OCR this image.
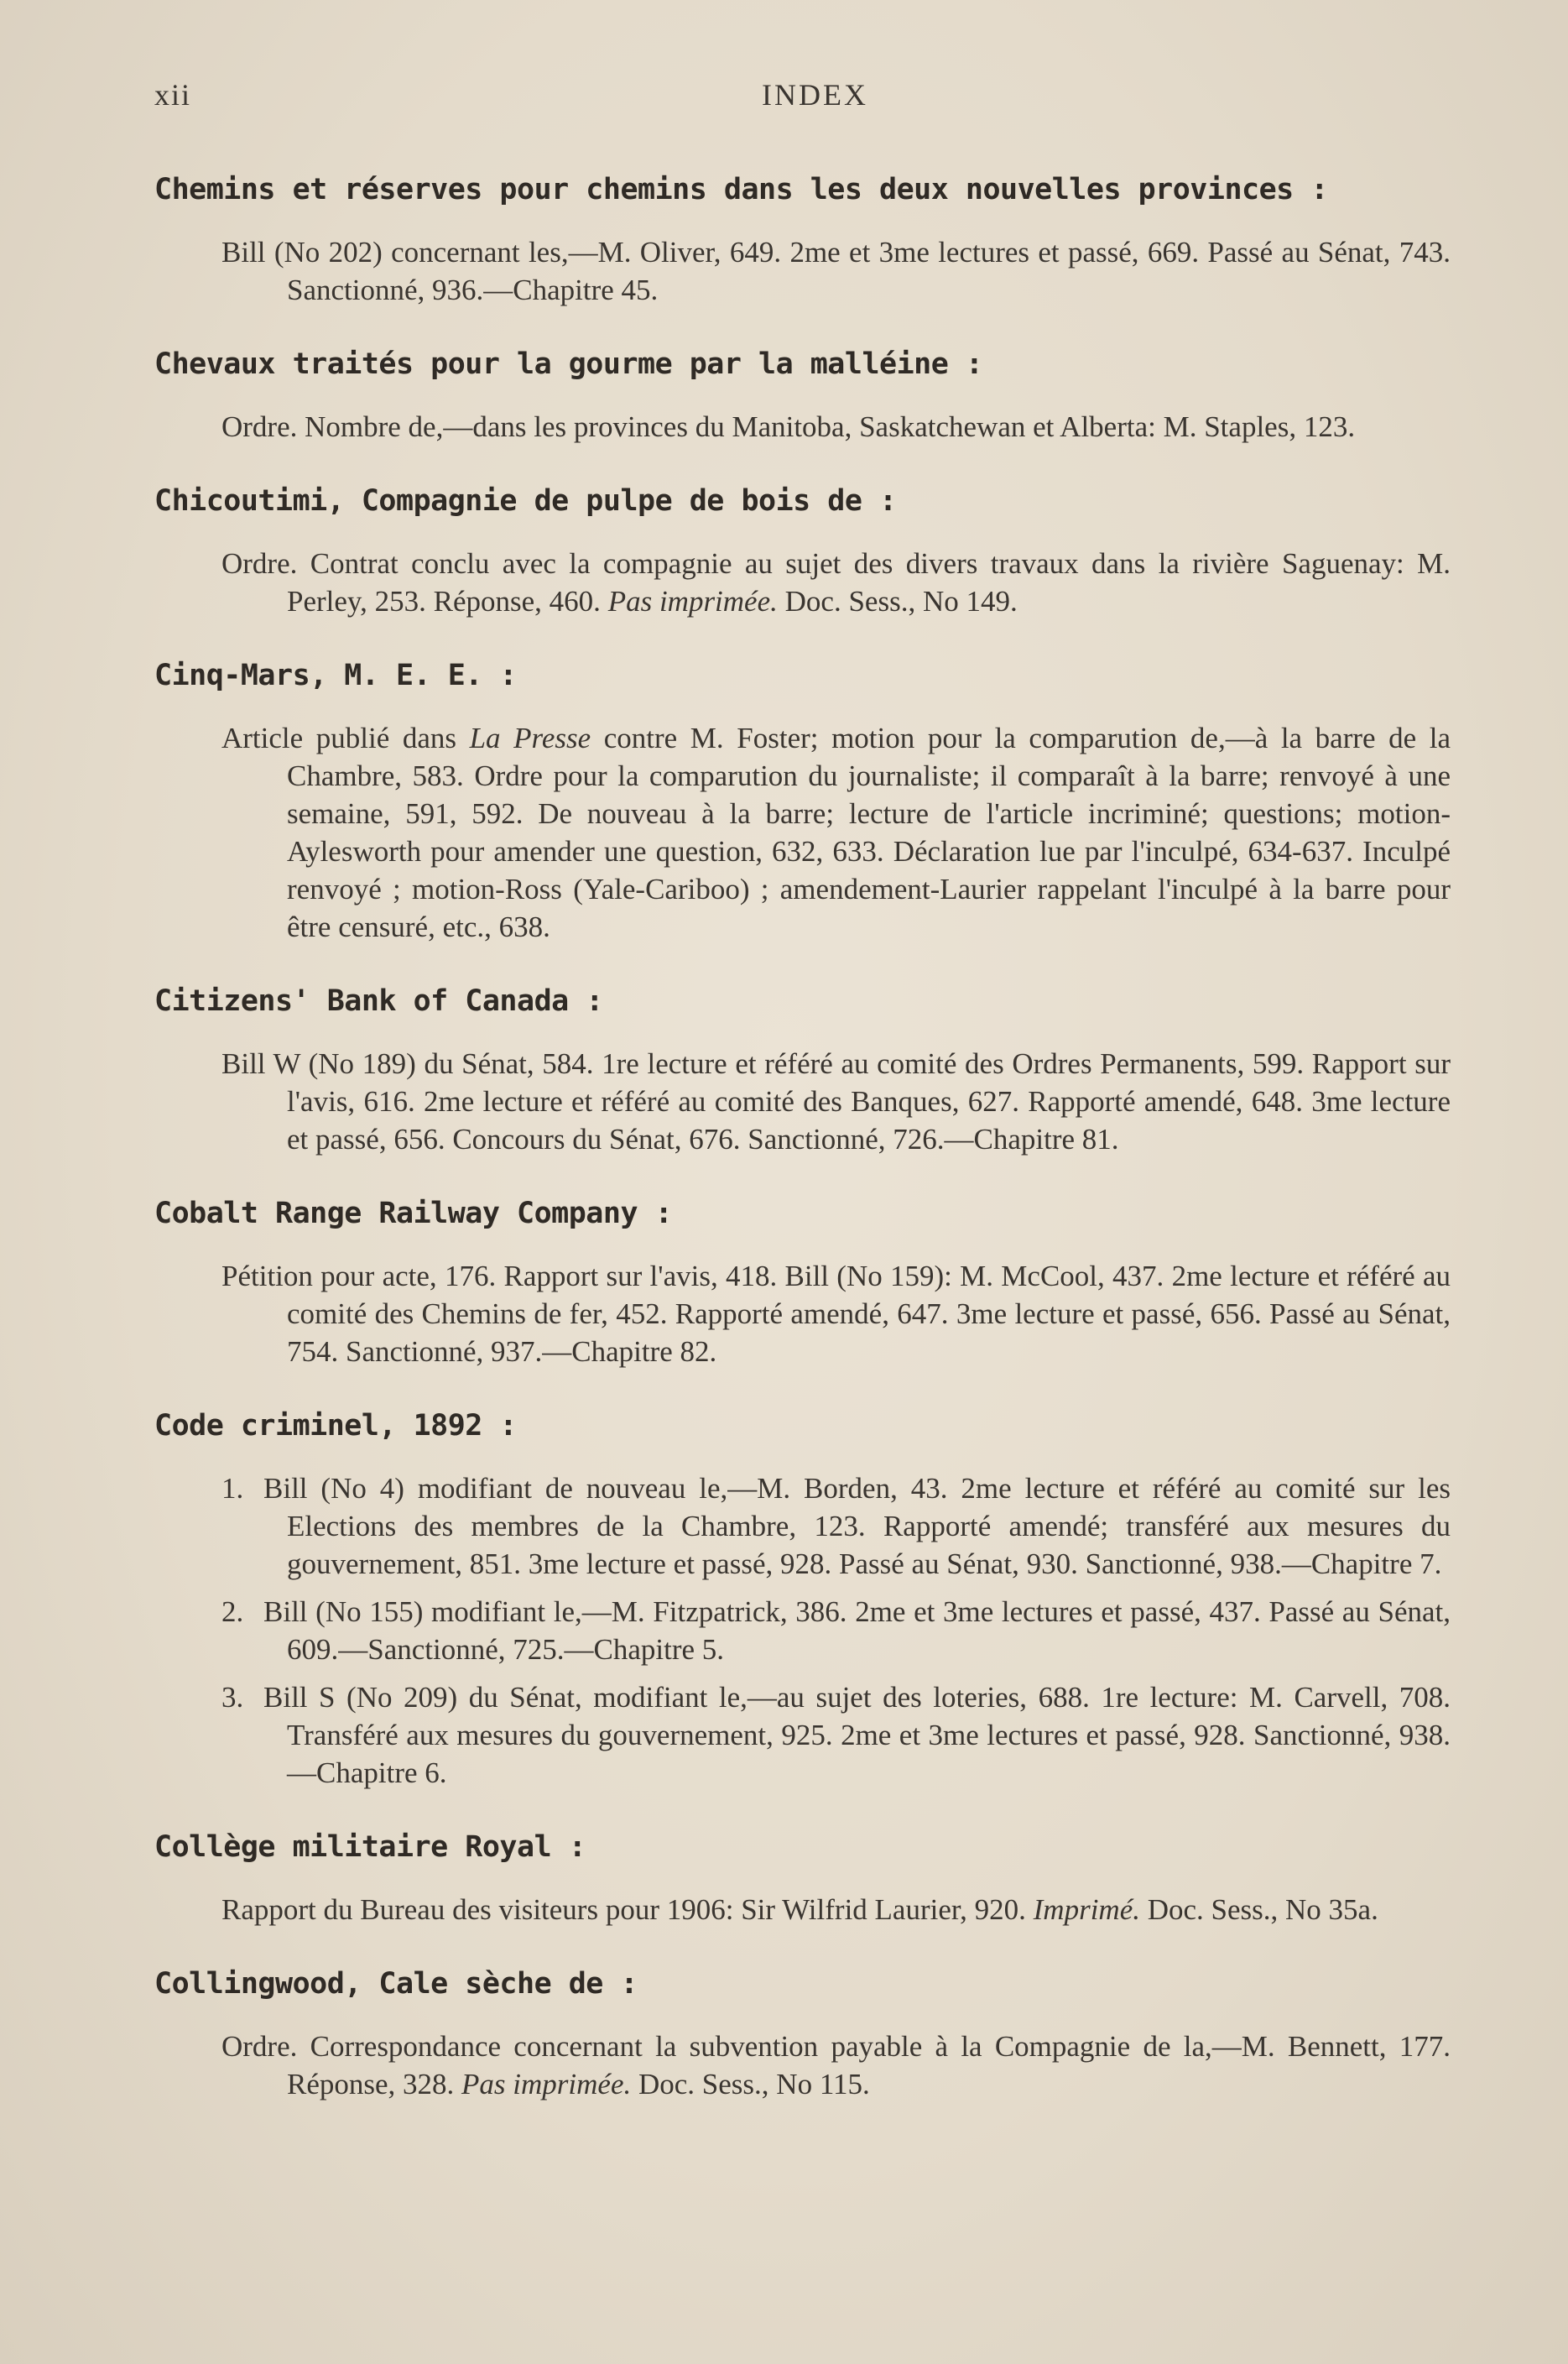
xii	INDEX
Chemins et réserves pour chemins dans les deux nouvelles provinces :
Bill (No 202) concernant les,—M. Oliver, 649. 2me et 3me lectures et passé, 669. Passé au Sénat, 743. Sanctionné, 936.—Chapitre 45.
Chevaux traités pour la gourme par la malléine :
Ordre. Nombre de,—dans les provinces du Manitoba, Saskatchewan et Alberta: M. Staples, 123.
Chicoutimi, Compagnie de pulpe de bois de :
Ordre. Contrat conclu avec la compagnie au sujet des divers travaux dans la rivière Saguenay: M. Perley, 253. Réponse, 460. Pas imprimée. Doc. Sess., No 149.
Cinq-Mars, M. E. E. :
Article publié dans La Presse contre M. Foster; motion pour la comparution de,—à la barre de la Chambre, 583. Ordre pour la comparution du journaliste; il comparaît à la barre; renvoyé à une semaine, 591, 592. De nouveau à la barre; lecture de l'article incriminé; questions; motion-Aylesworth pour amender une question, 632, 633. Déclaration lue par l'inculpé, 634-637. Inculpé renvoyé ; motion-Ross (Yale-Cariboo) ; amendement-Laurier rappelant l'inculpé à la barre pour être censuré, etc., 638.
Citizens' Bank of Canada :
Bill W (No 189) du Sénat, 584. 1re lecture et référé au comité des Ordres Permanents, 599. Rapport sur l'avis, 616. 2me lecture et référé au comité des Banques, 627. Rapporté amendé, 648. 3me lecture et passé, 656. Concours du Sénat, 676. Sanctionné, 726.—Chapitre 81.
Cobalt Range Railway Company :
Pétition pour acte, 176. Rapport sur l'avis, 418. Bill (No 159): M. McCool, 437. 2me lecture et référé au comité des Chemins de fer, 452. Rapporté amendé, 647. 3me lecture et passé, 656. Passé au Sénat, 754. Sanctionné, 937.—Chapitre 82.
Code criminel, 1892 :
1. Bill (No 4) modifiant de nouveau le,—M. Borden, 43. 2me lecture et référé au comité sur les Elections des membres de la Chambre, 123. Rapporté amendé; transféré aux mesures du gouvernement, 851. 3me lecture et passé, 928. Passé au Sénat, 930. Sanctionné, 938.—Chapitre 7.
2. Bill (No 155) modifiant le,—M. Fitzpatrick, 386. 2me et 3me lectures et passé, 437. Passé au Sénat, 609.—Sanctionné, 725.—Chapitre 5.
3. Bill S (No 209) du Sénat, modifiant le,—au sujet des loteries, 688. 1re lecture: M. Carvell, 708. Transféré aux mesures du gouvernement, 925. 2me et 3me lectures et passé, 928. Sanctionné, 938.—Chapitre 6.
Collège militaire Royal :
Rapport du Bureau des visiteurs pour 1906: Sir Wilfrid Laurier, 920. Imprimé. Doc. Sess., No 35a.
Collingwood, Cale sèche de :
Ordre. Correspondance concernant la subvention payable à la Compagnie de la,—M. Bennett, 177. Réponse, 328. Pas imprimée. Doc. Sess., No 115.
